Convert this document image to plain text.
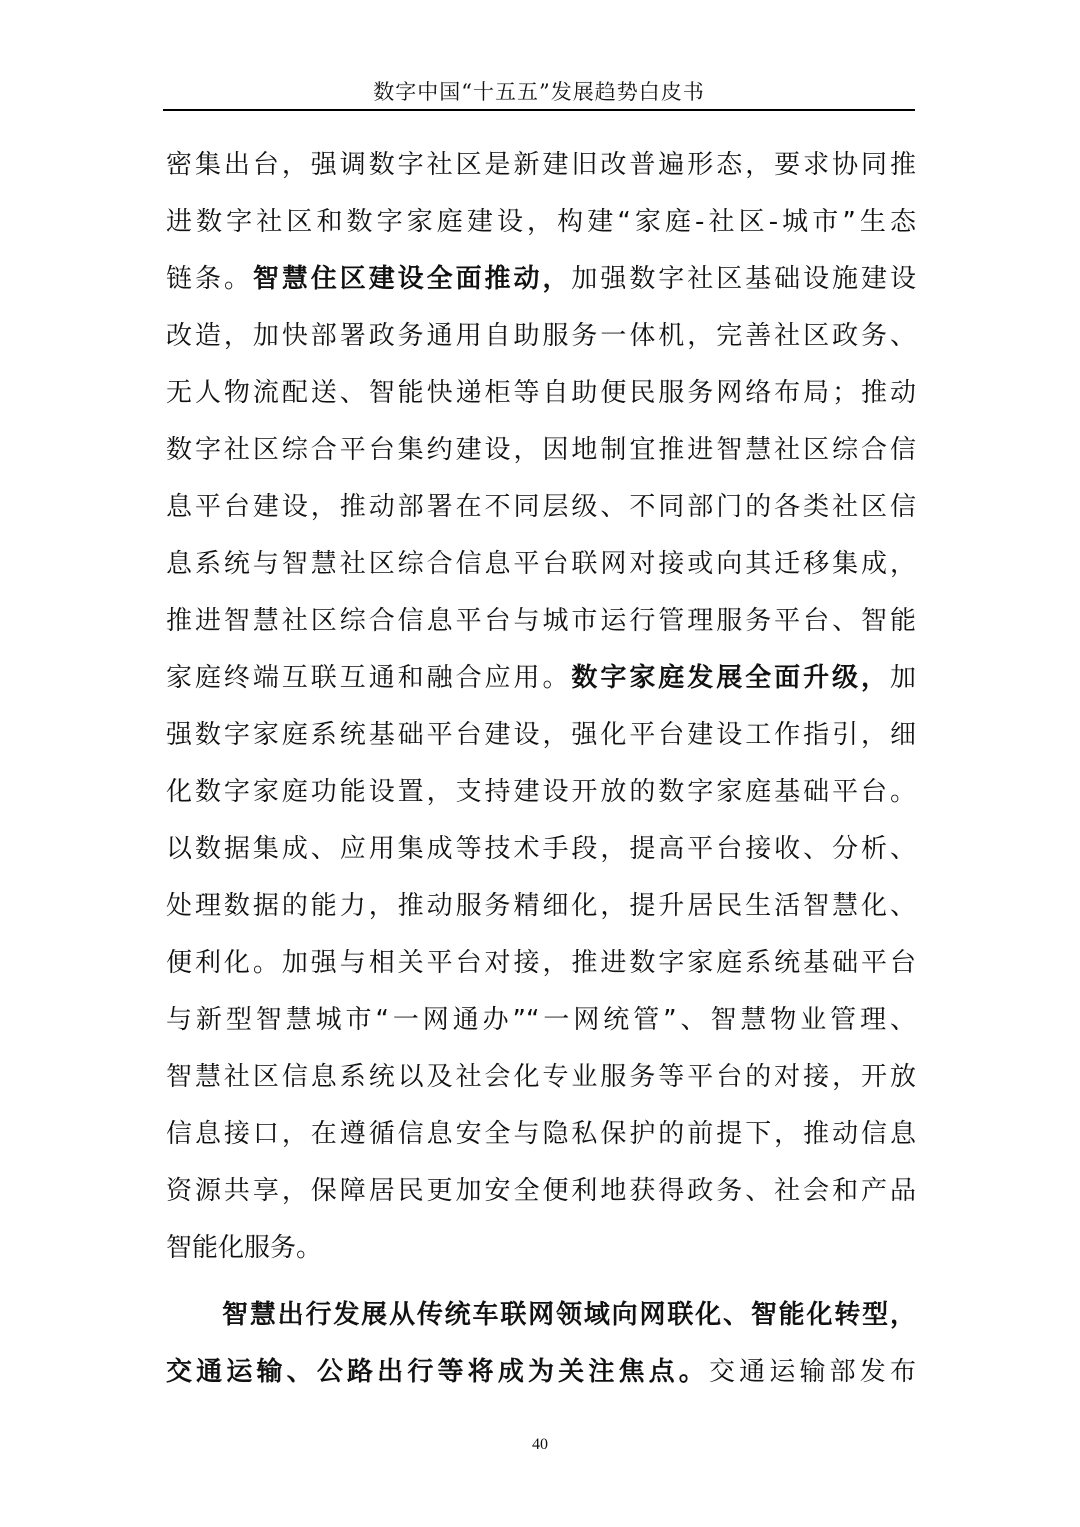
数字中国“十五五”发展趋势白皮书
密集出台，强调数字社区是新建旧改普遍形态，要求协同推
进数字社区和数字家庭建设，构建“家庭-社区-城市”生态
链条。智慧住区建设全面推动，加强数字社区基础设施建设
改造，加快部署政务通用自助服务一体机，完善社区政务、
无人物流配送、智能快递柜等自助便民服务网络布局；推动
数字社区综合平台集约建设，因地制宜推进智慧社区综合信
息平台建设，推动部署在不同层级、不同部门的各类社区信
息系统与智慧社区综合信息平台联网对接或向其迁移集成，
推进智慧社区综合信息平台与城市运行管理服务平台、智能
家庭终端互联互通和融合应用。数字家庭发展全面升级，加
强数字家庭系统基础平台建设，强化平台建设工作指引，细
化数字家庭功能设置，支持建设开放的数字家庭基础平台。
以数据集成、应用集成等技术手段，提高平台接收、分析、
处理数据的能力，推动服务精细化，提升居民生活智慧化、
便利化。加强与相关平台对接，推进数字家庭系统基础平台
与新型智慧城市“一网通办”“一网统管”、智慧物业管理、
智慧社区信息系统以及社会化专业服务等平台的对接，开放
信息接口，在遵循信息安全与隐私保护的前提下，推动信息
资源共享，保障居民更加安全便利地获得政务、社会和产品
智能化服务。
智慧出行发展从传统车联网领域向网联化、智能化转型，
交通运输、公路出行等将成为关注焦点。交通运输部发布
40
